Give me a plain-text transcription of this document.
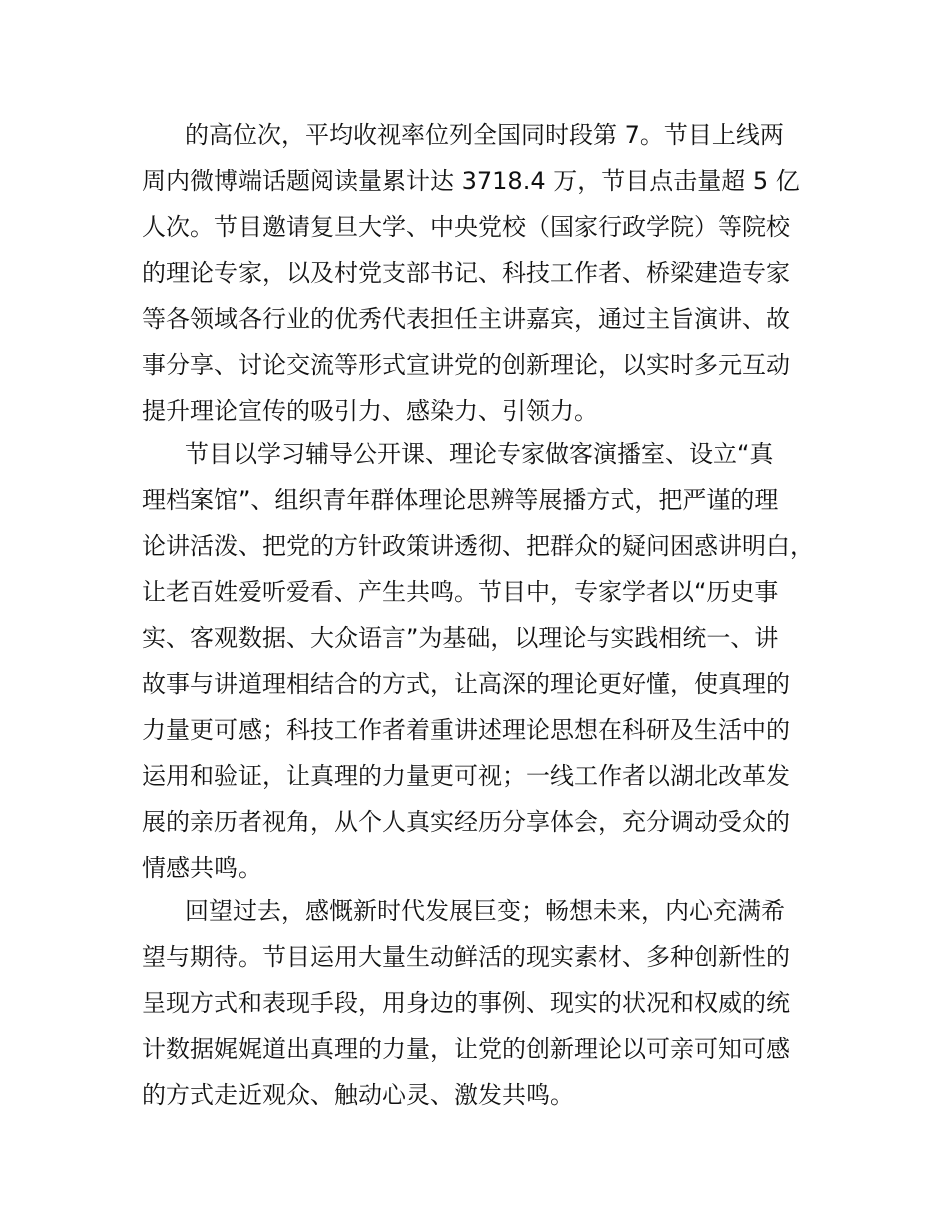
的高位次，平均收视率位列全国同时段第 7。节目上线两
周内微博端话题阅读量累计达 3718.4 万，节目点击量超 5 亿
人次。节目邀请复旦大学、中央党校（国家行政学院）等院校
的理论专家，以及村党支部书记、科技工作者、桥梁建造专家
等各领域各行业的优秀代表担任主讲嘉宾，通过主旨演讲、故
事分享、讨论交流等形式宣讲党的创新理论，以实时多元互动
提升理论宣传的吸引力、感染力、引领力。
节目以学习辅导公开课、理论专家做客演播室、设立“真
理档案馆”、组织青年群体理论思辨等展播方式，把严谨的理
论讲活泼、把党的方针政策讲透彻、把群众的疑问困惑讲明白，
让老百姓爱听爱看、产生共鸣。节目中，专家学者以“历史事
实、客观数据、大众语言”为基础，以理论与实践相统一、讲
故事与讲道理相结合的方式，让高深的理论更好懂，使真理的
力量更可感；科技工作者着重讲述理论思想在科研及生活中的
运用和验证，让真理的力量更可视；一线工作者以湖北改革发
展的亲历者视角，从个人真实经历分享体会，充分调动受众的
情感共鸣。
回望过去，感慨新时代发展巨变；畅想未来，内心充满希
望与期待。节目运用大量生动鲜活的现实素材、多种创新性的
呈现方式和表现手段，用身边的事例、现实的状况和权威的统
计数据娓娓道出真理的力量，让党的创新理论以可亲可知可感
的方式走近观众、触动心灵、激发共鸣。
